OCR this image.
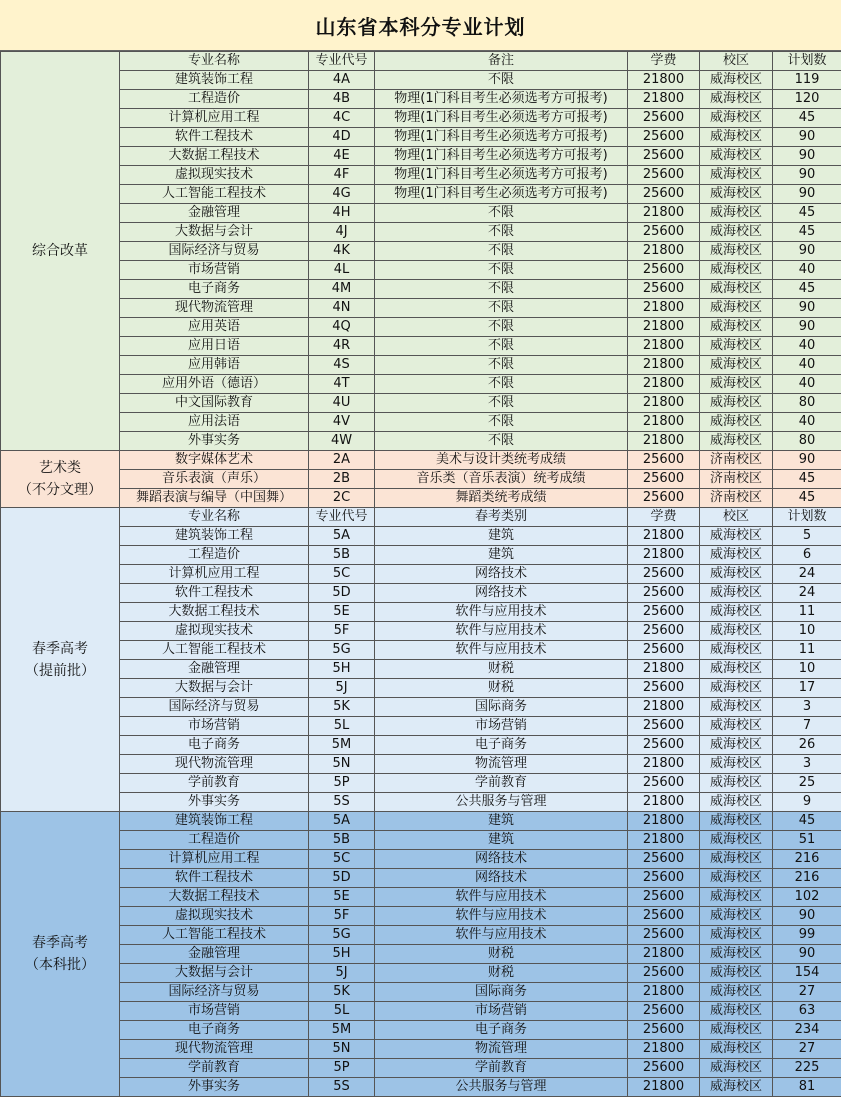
山东省本科分专业计划
综合改革	专业名称	专业代号	备注	学费	校区	计划数
	建筑装饰工程	4A	不限	21800	威海校区	119
	工程造价	4B	物理(1门科目考生必须选考方可报考)	21800	威海校区	120
	计算机应用工程	4C	物理(1门科目考生必须选考方可报考)	25600	威海校区	45
	软件工程技术	4D	物理(1门科目考生必须选考方可报考)	25600	威海校区	90
	大数据工程技术	4E	物理(1门科目考生必须选考方可报考)	25600	威海校区	90
	虚拟现实技术	4F	物理(1门科目考生必须选考方可报考)	25600	威海校区	90
	人工智能工程技术	4G	物理(1门科目考生必须选考方可报考)	25600	威海校区	90
	金融管理	4H	不限	21800	威海校区	45
	大数据与会计	4J	不限	25600	威海校区	45
	国际经济与贸易	4K	不限	21800	威海校区	90
	市场营销	4L	不限	25600	威海校区	40
	电子商务	4M	不限	25600	威海校区	45
	现代物流管理	4N	不限	21800	威海校区	90
	应用英语	4Q	不限	21800	威海校区	90
	应用日语	4R	不限	21800	威海校区	40
	应用韩语	4S	不限	21800	威海校区	40
	应用外语（德语）	4T	不限	21800	威海校区	40
	中文国际教育	4U	不限	21800	威海校区	80
	应用法语	4V	不限	21800	威海校区	40
	外事实务	4W	不限	21800	威海校区	80
艺术类
（不分文理）	数字媒体艺术	2A	美术与设计类统考成绩	25600	济南校区	90
	音乐表演（声乐）	2B	音乐类（音乐表演）统考成绩	25600	济南校区	45
	舞蹈表演与编导（中国舞）	2C	舞蹈类统考成绩	25600	济南校区	45
春季高考
（提前批）	专业名称	专业代号	春考类别	学费	校区	计划数
	建筑装饰工程	5A	建筑	21800	威海校区	5
	工程造价	5B	建筑	21800	威海校区	6
	计算机应用工程	5C	网络技术	25600	威海校区	24
	软件工程技术	5D	网络技术	25600	威海校区	24
	大数据工程技术	5E	软件与应用技术	25600	威海校区	11
	虚拟现实技术	5F	软件与应用技术	25600	威海校区	10
	人工智能工程技术	5G	软件与应用技术	25600	威海校区	11
	金融管理	5H	财税	21800	威海校区	10
	大数据与会计	5J	财税	25600	威海校区	17
	国际经济与贸易	5K	国际商务	21800	威海校区	3
	市场营销	5L	市场营销	25600	威海校区	7
	电子商务	5M	电子商务	25600	威海校区	26
	现代物流管理	5N	物流管理	21800	威海校区	3
	学前教育	5P	学前教育	25600	威海校区	25
	外事实务	5S	公共服务与管理	21800	威海校区	9
春季高考
（本科批）	建筑装饰工程	5A	建筑	21800	威海校区	45
	工程造价	5B	建筑	21800	威海校区	51
	计算机应用工程	5C	网络技术	25600	威海校区	216
	软件工程技术	5D	网络技术	25600	威海校区	216
	大数据工程技术	5E	软件与应用技术	25600	威海校区	102
	虚拟现实技术	5F	软件与应用技术	25600	威海校区	90
	人工智能工程技术	5G	软件与应用技术	25600	威海校区	99
	金融管理	5H	财税	21800	威海校区	90
	大数据与会计	5J	财税	25600	威海校区	154
	国际经济与贸易	5K	国际商务	21800	威海校区	27
	市场营销	5L	市场营销	25600	威海校区	63
	电子商务	5M	电子商务	25600	威海校区	234
	现代物流管理	5N	物流管理	21800	威海校区	27
	学前教育	5P	学前教育	25600	威海校区	225
	外事实务	5S	公共服务与管理	21800	威海校区	81
